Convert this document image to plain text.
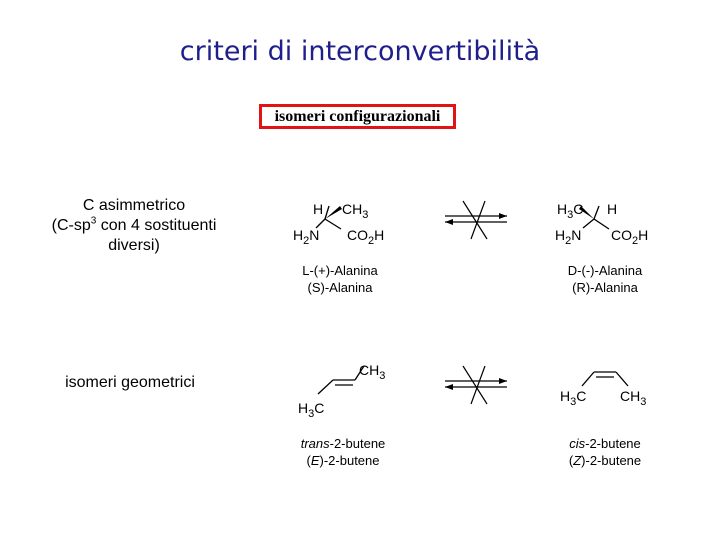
criteri di interconvertibilità
isomeri configurazionali
C asimmetrico
($C-sp^3$ con 4 sostituenti
diversi)
H $CH_3$
$H_2N$ $CO_2H$
$H_3C$ H
$H_2N$ $CO_2H$
L-(+)-Alanina
(S)-Alanina
D-(-)-Alanina
(R)-Alanina
isomeri geometrici
$CH_3$
$H_3C$
$H_3C$ $CH_3$
trans-2-butene
(E)-2-butene
cis-2-butene
(Z)-2-butene
